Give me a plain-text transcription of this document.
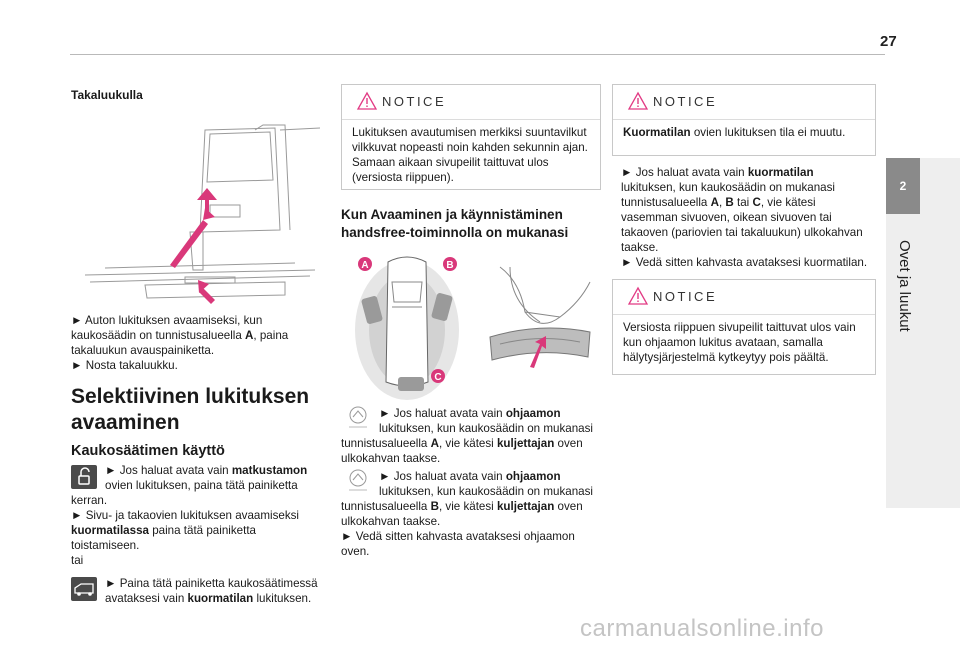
27
2
Ovet ja luukut
Takaluukulla
► Auton lukituksen avaamiseksi, kun
kaukosäädin on tunnistusalueella A, paina
takaluukun avauspainiketta.
► Nosta takaluukku.
Selektiivinen lukituksen
avaaminen
Kaukosäätimen käyttö
► Jos haluat avata vain matkustamon
ovien lukituksen, paina tätä painiketta
kerran.
► Sivu- ja takaovien lukituksen avaamiseksi
kuormatilassa paina tätä painiketta
toistamiseen.
tai
► Paina tätä painiketta kaukosäätimessä
avataksesi vain kuormatilan lukituksen.
NOTICE
Lukituksen avautumisen merkiksi suuntavilkut
vilkkuvat nopeasti noin kahden sekunnin ajan.
Samaan aikaan sivupeilit taittuvat ulos
(versiosta riippuen).
Kun Avaaminen ja käynnistäminen
handsfree-toiminnolla on mukanasi
A	B
C
► Jos haluat avata vain ohjaamon
lukituksen, kun kaukosäädin on mukanasi
tunnistusalueella A, vie kätesi kuljettajan oven
ulkokahvan taakse.
► Jos haluat avata vain ohjaamon
lukituksen, kun kaukosäädin on mukanasi
tunnistusalueella B, vie kätesi kuljettajan oven
ulkokahvan taakse.
► Vedä sitten kahvasta avataksesi ohjaamon
oven.
NOTICE
Kuormatilan ovien lukituksen tila ei muutu.
► Jos haluat avata vain kuormatilan
lukituksen, kun kaukosäädin on mukanasi
tunnistusalueella A, B tai C, vie kätesi
vasemman sivuoven, oikean sivuoven tai
takaoven (pariovien tai takaluukun) ulkokahvan
taakse.
► Vedä sitten kahvasta avataksesi kuormatilan.
NOTICE
Versiosta riippuen sivupeilit taittuvat ulos vain
kun ohjaamon lukitus avataan, samalla
hälytysjärjestelmä kytkeytyy pois päältä.
carmanualsonline.info
